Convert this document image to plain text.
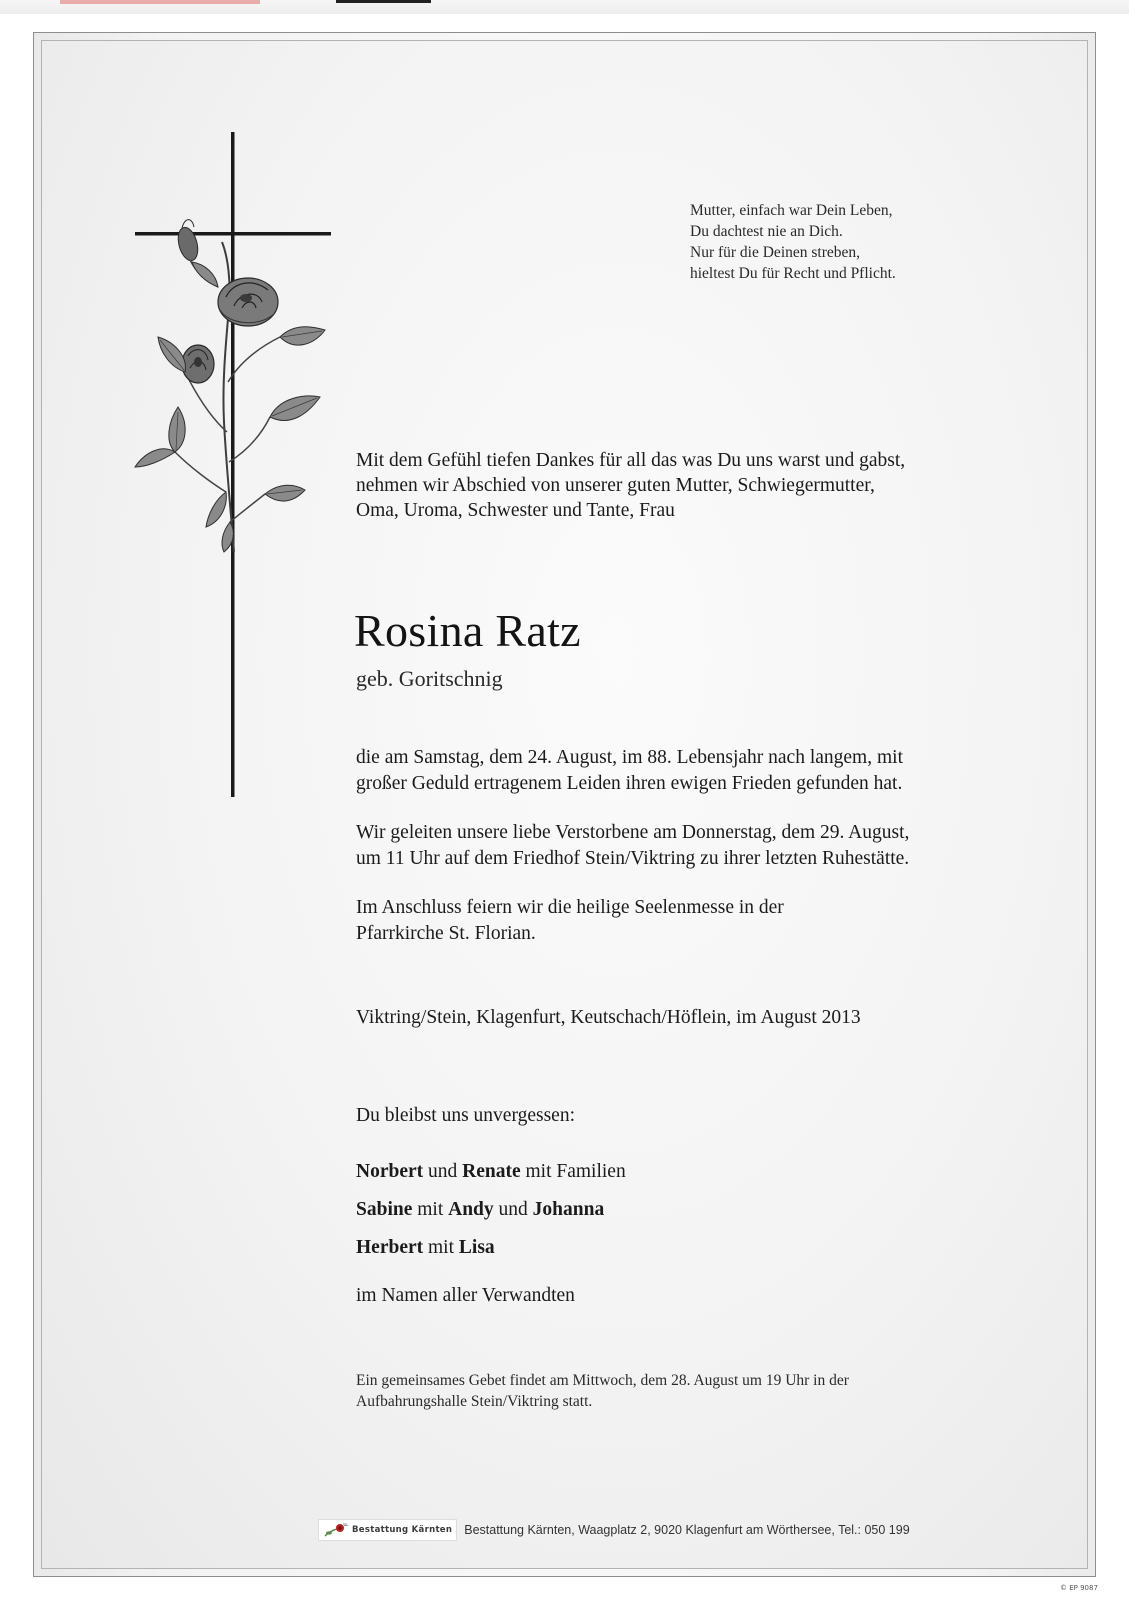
Mutter, einfach war Dein Leben,
Du dachtest nie an Dich.
Nur für die Deinen streben,
hieltest Du für Recht und Pflicht.
Mit dem Gefühl tiefen Dankes für all das was Du uns warst und gabst,
nehmen wir Abschied von unserer guten Mutter, Schwiegermutter,
Oma, Uroma, Schwester und Tante, Frau
Rosina Ratz
geb. Goritschnig
die am Samstag, dem 24. August, im 88. Lebensjahr nach langem, mit
großer Geduld ertragenem Leiden ihren ewigen Frieden gefunden hat.
Wir geleiten unsere liebe Verstorbene am Donnerstag, dem 29. August,
um 11 Uhr auf dem Friedhof Stein/Viktring zu ihrer letzten Ruhestätte.
Im Anschluss feiern wir die heilige Seelenmesse in der
Pfarrkirche St. Florian.
Viktring/Stein, Klagenfurt, Keutschach/Höflein, im August 2013
Du bleibst uns unvergessen:
Norbert und Renate mit Familien
Sabine mit Andy und Johanna
Herbert mit Lisa
im Namen aller Verwandten
Ein gemeinsames Gebet findet am Mittwoch, dem 28. August um 19 Uhr in der
Aufbahrungshalle Stein/Viktring statt.
Bestattung Kärnten Bestattung Kärnten, Waagplatz 2, 9020 Klagenfurt am Wörthersee, Tel.: 050 199
© EP 9087
